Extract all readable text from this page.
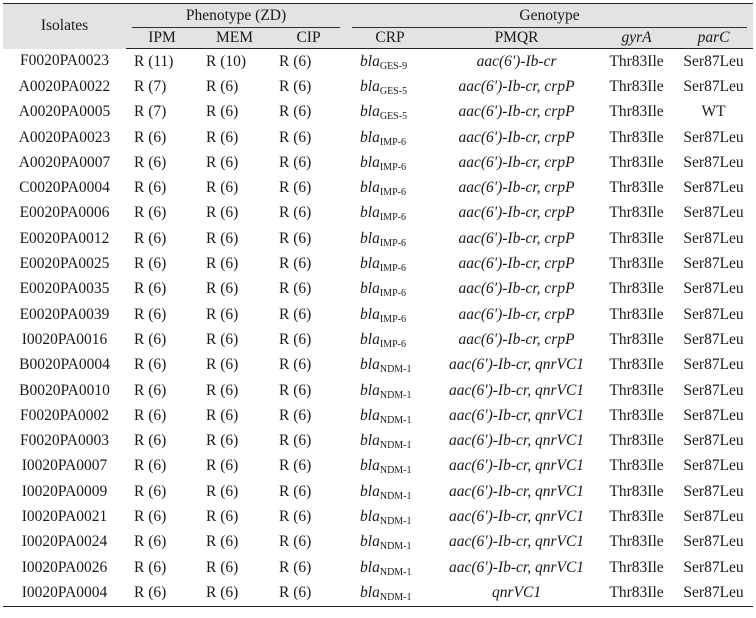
Isolates	Phenotype (ZD)			Genotype			

	IPM	MEM	CIP	CRP	PMQR	gyrA	parC
F0020PA0023	R (11)	R (10)	R (6)	bla$_{GES-9}$	aac(6')-Ib-cr	Thr83Ile	Ser87Leu
A0020PA0022	R (7)	R (6)	R (6)	bla$_{GES-5}$	aac(6')-Ib-cr, crpP	Thr83Ile	Ser87Leu
A0020PA0005	R (7)	R (6)	R (6)	bla$_{GES-5}$	aac(6')-Ib-cr, crpP	Thr83Ile	WT
A0020PA0023	R (6)	R (6)	R (6)	bla$_{IMP-6}$	aac(6')-Ib-cr, crpP	Thr83Ile	Ser87Leu
A0020PA0007	R (6)	R (6)	R (6)	bla$_{IMP-6}$	aac(6')-Ib-cr, crpP	Thr83Ile	Ser87Leu
C0020PA0004	R (6)	R (6)	R (6)	bla$_{IMP-6}$	aac(6')-Ib-cr, crpP	Thr83Ile	Ser87Leu
E0020PA0006	R (6)	R (6)	R (6)	bla$_{IMP-6}$	aac(6')-Ib-cr, crpP	Thr83Ile	Ser87Leu
E0020PA0012	R (6)	R (6)	R (6)	bla$_{IMP-6}$	aac(6')-Ib-cr, crpP	Thr83Ile	Ser87Leu
E0020PA0025	R (6)	R (6)	R (6)	bla$_{IMP-6}$	aac(6')-Ib-cr, crpP	Thr83Ile	Ser87Leu
E0020PA0035	R (6)	R (6)	R (6)	bla$_{IMP-6}$	aac(6')-Ib-cr, crpP	Thr83Ile	Ser87Leu
E0020PA0039	R (6)	R (6)	R (6)	bla$_{IMP-6}$	aac(6')-Ib-cr, crpP	Thr83Ile	Ser87Leu
I0020PA0016	R (6)	R (6)	R (6)	bla$_{IMP-6}$	aac(6')-Ib-cr, crpP	Thr83Ile	Ser87Leu
B0020PA0004	R (6)	R (6)	R (6)	bla$_{NDM-1}$	aac(6')-Ib-cr, qnrVC1	Thr83Ile	Ser87Leu
B0020PA0010	R (6)	R (6)	R (6)	bla$_{NDM-1}$	aac(6')-Ib-cr, qnrVC1	Thr83Ile	Ser87Leu
F0020PA0002	R (6)	R (6)	R (6)	bla$_{NDM-1}$	aac(6')-Ib-cr, qnrVC1	Thr83Ile	Ser87Leu
F0020PA0003	R (6)	R (6)	R (6)	bla$_{NDM-1}$	aac(6')-Ib-cr, qnrVC1	Thr83Ile	Ser87Leu
I0020PA0007	R (6)	R (6)	R (6)	bla$_{NDM-1}$	aac(6')-Ib-cr, qnrVC1	Thr83Ile	Ser87Leu
I0020PA0009	R (6)	R (6)	R (6)	bla$_{NDM-1}$	aac(6')-Ib-cr, qnrVC1	Thr83Ile	Ser87Leu
I0020PA0021	R (6)	R (6)	R (6)	bla$_{NDM-1}$	aac(6')-Ib-cr, qnrVC1	Thr83Ile	Ser87Leu
I0020PA0024	R (6)	R (6)	R (6)	bla$_{NDM-1}$	aac(6')-Ib-cr, qnrVC1	Thr83Ile	Ser87Leu
I0020PA0026	R (6)	R (6)	R (6)	bla$_{NDM-1}$	aac(6')-Ib-cr, qnrVC1	Thr83Ile	Ser87Leu
I0020PA0004	R (6)	R (6)	R (6)	bla$_{NDM-1}$	qnrVC1	Thr83Ile	Ser87Leu
